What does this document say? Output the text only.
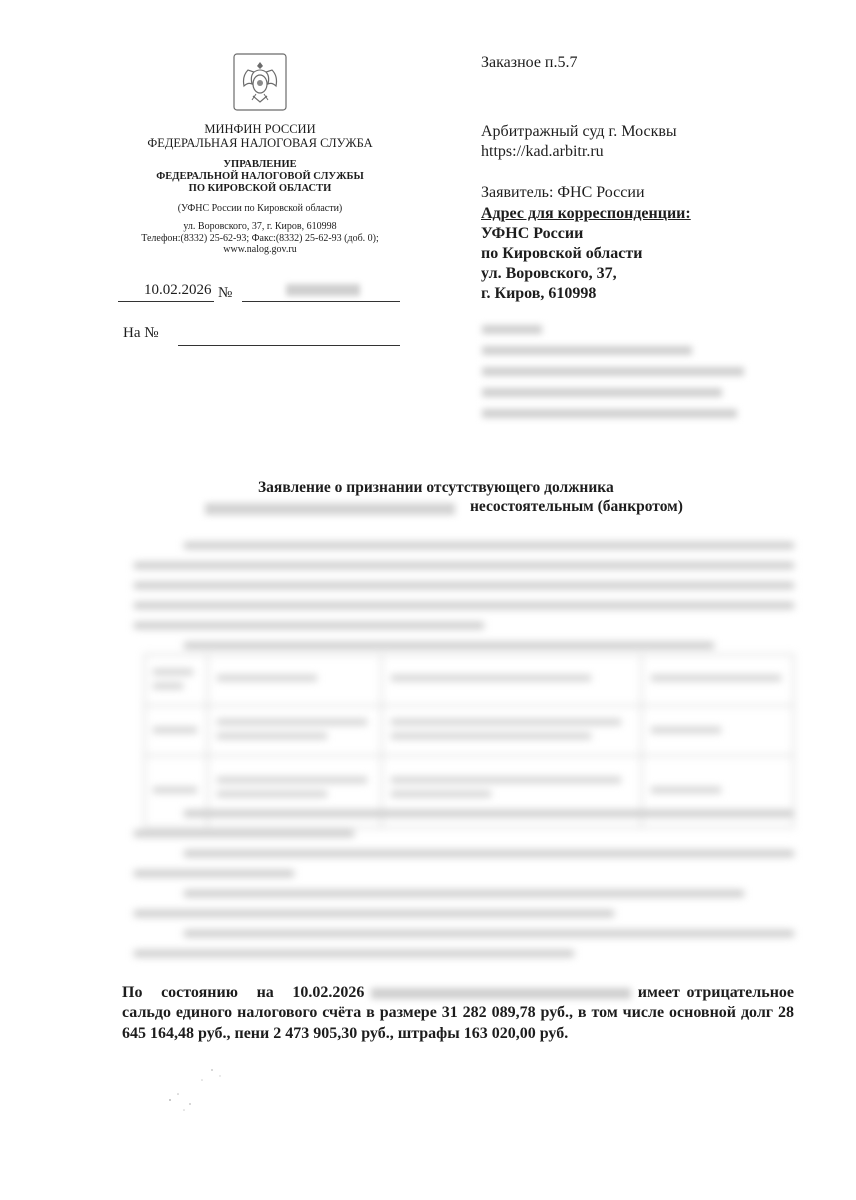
МИНФИН РОССИИ
ФЕДЕРАЛЬНАЯ НАЛОГОВАЯ СЛУЖБА
УПРАВЛЕНИЕ
ФЕДЕРАЛЬНОЙ НАЛОГОВОЙ СЛУЖБЫ
ПО КИРОВСКОЙ ОБЛАСТИ
(УФНС России по Кировской области)
ул. Воровского, 37, г. Киров, 610998
Телефон:(8332) 25-62-93; Факс:(8332) 25-62-93 (доб. 0);
www.nalog.gov.ru
10.02.2026 №
На №
Заказное п.5.7
Арбитражный суд г. Москвы
https://kad.arbitr.ru
Заявитель: ФНС России
Адрес для корреспонденции:
УФНС России
по Кировской области
ул. Воровского, 37,
г. Киров, 610998
Заявление о признании отсутствующего должника
несостоятельным (банкротом)
По состоянию на 10.02.2026	имеет отрицательное сальдо единого налогового счёта в размере 31 282 089,78 руб., в том числе основной долг 28 645 164,48 руб., пени 2 473 905,30 руб., штрафы 163 020,00 руб.
